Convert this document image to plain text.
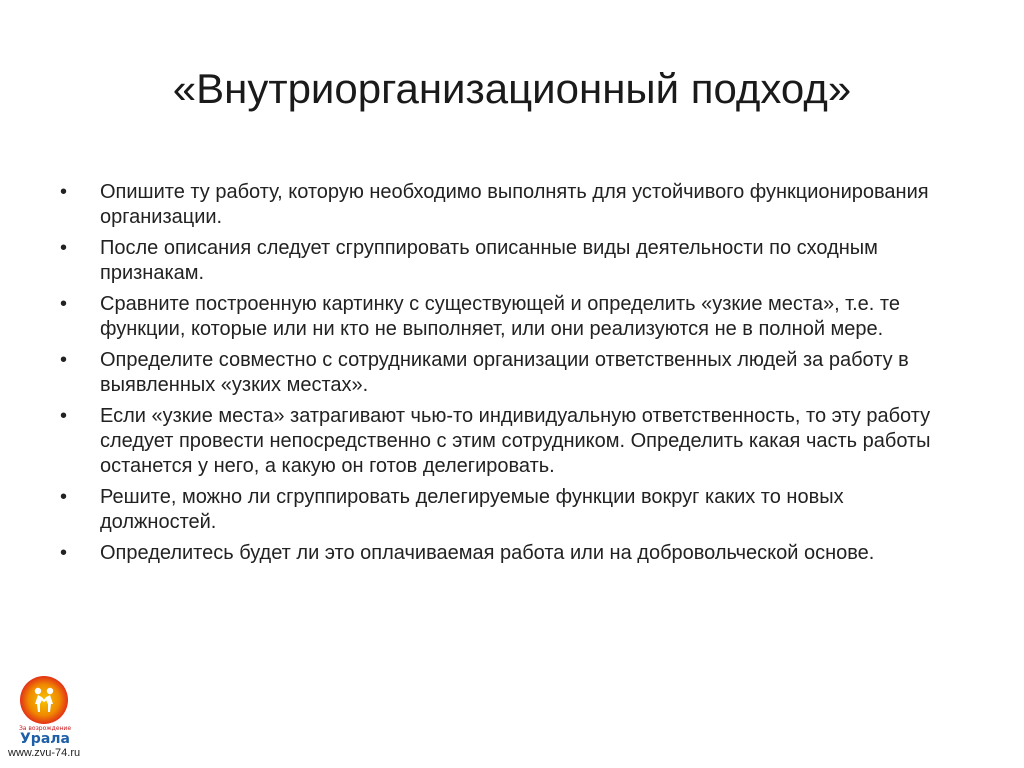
«Внутриорганизационный подход»
•	Опишите ту работу, которую необходимо выполнять для устойчивого функционирования организации.
•	После описания следует сгруппировать описанные виды деятельности по сходным признакам.
•	Сравните построенную картинку с существующей и определить «узкие места», т.е. те функции, которые или ни кто не выполняет, или они реализуются не в полной мере.
•	Определите совместно с сотрудниками организации ответственных людей за работу в выявленных «узких местах».
•	Если «узкие места» затрагивают чью-то индивидуальную ответственность, то эту работу следует провести непосредственно с этим сотрудником. Определить какая часть работы останется у него, а какую он готов делегировать.
•	Решите, можно ли сгруппировать делегируемые функции вокруг каких то новых должностей.
•	Определитесь будет ли это оплачиваемая работа или на добровольческой основе.
За возрождение
Урала
www.zvu-74.ru
